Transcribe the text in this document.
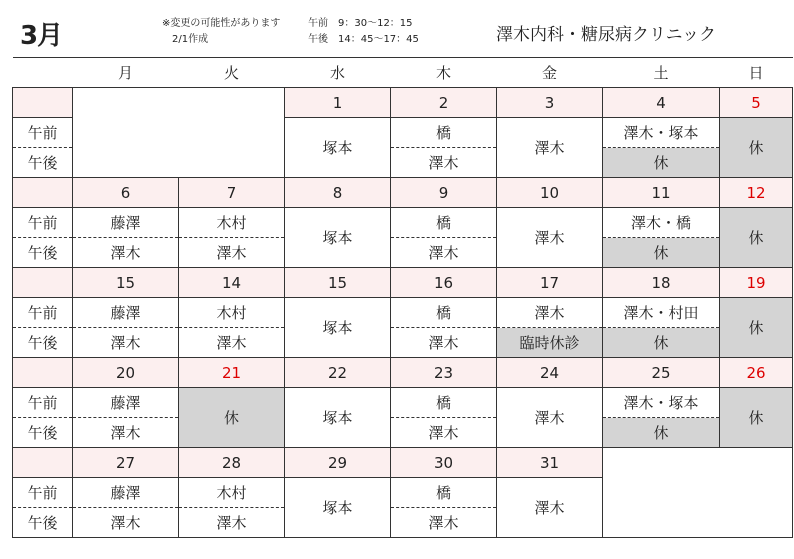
3月	※変更の可能性があります
2/1作成
午前　9：30～12：15
午後　14：45～17：45	澤木内科・糖尿病クリニック
	月	火	水	木	金	土	日
			1	2	3	4	5
午前			塚本	橋	澤木	澤木・塚本	休
午後				澤木		休	
	6	7	8	9	10	11	12
午前	藤澤	木村	塚本	橋	澤木	澤木・橋	休
午後	澤木	澤木		澤木		休	
	15	14	15	16	17	18	19
午前	藤澤	木村	塚本	橋	澤木	澤木・村田	休
午後	澤木	澤木		澤木	臨時休診	休	
	20	21	22	23	24	25	26
午前	藤澤	休	塚本	橋	澤木	澤木・塚本	休
午後	澤木			澤木		休	
	27	28	29	30	31		
午前	藤澤	木村	塚本	橋	澤木		
午後	澤木	澤木		澤木			
